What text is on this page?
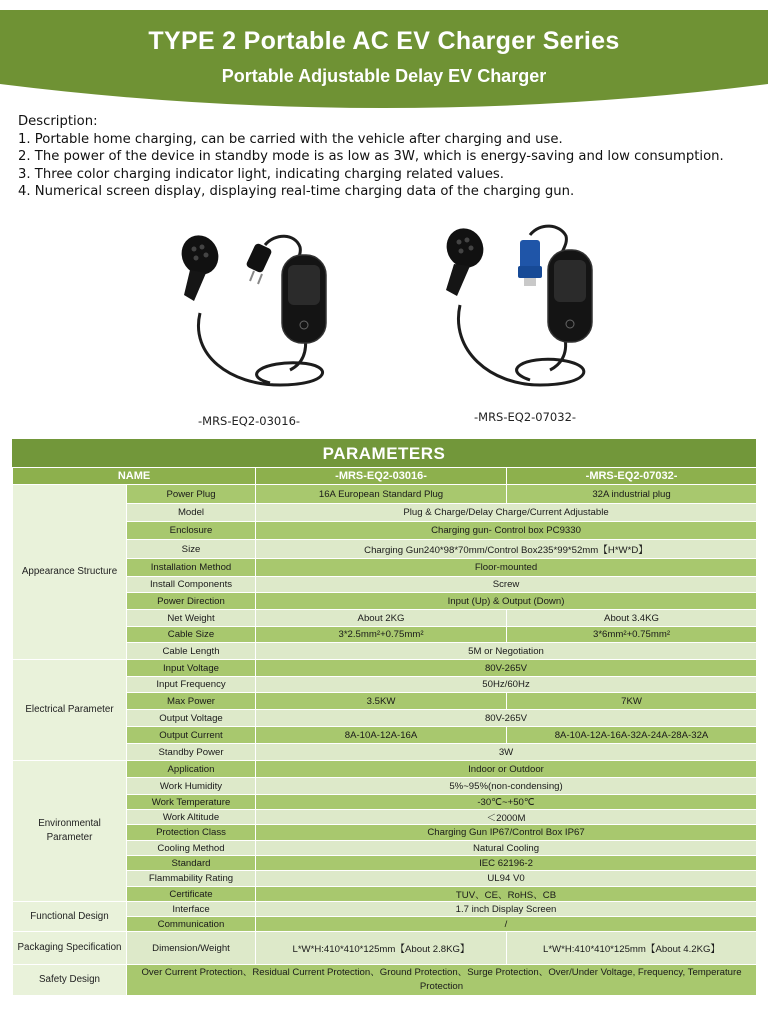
TYPE 2 Portable AC EV Charger Series
Portable Adjustable Delay EV Charger
Description:
1. Portable home charging, can be carried with the vehicle after charging and use.
2. The power of the device in standby mode is as low as 3W, which is energy-saving and low consumption.
3. Three color charging indicator light, indicating charging related values.
4. Numerical screen display, displaying real-time charging data of the charging gun.
-MRS-EQ2-03016-	-MRS-EQ2-07032-
PARAMETERS
NAME		-MRS-EQ2-03016-	-MRS-EQ2-07032-
Appearance Structure	Power Plug	16A European Standard Plug	32A industrial plug
	Model	Plug & Charge/Delay Charge/Current Adjustable	
	Enclosure	Charging gun- Control box PC9330	
	Size	Charging Gun240*98*70mm/Control Box235*99*52mm【H*W*D】	
	Installation Method	Floor-mounted	
	Install Components	Screw	
	Power Direction	Input (Up) & Output (Down)	
	Net Weight	About 2KG	About 3.4KG
	Cable Size	3*2.5mm²+0.75mm²	3*6mm²+0.75mm²
	Cable Length	5M or Negotiation	
Electrical Parameter	Input Voltage	80V-265V	
	Input Frequency	50Hz/60Hz	
	Max Power	3.5KW	7KW
	Output Voltage	80V-265V	
	Output Current	8A-10A-12A-16A	8A-10A-12A-16A-32A-24A-28A-32A
	Standby Power	3W	
Environmental Parameter	Application	Indoor or Outdoor	
	Work Humidity	5%~95%(non-condensing)	
	Work Temperature	-30℃~+50℃	
	Work Altitude	＜2000M	
	Protection Class	Charging Gun IP67/Control Box IP67	
	Cooling Method	Natural Cooling	
	Standard	IEC 62196-2	
	Flammability Rating	UL94 V0	
	Certificate	TUV、CE、RoHS、CB	
Functional Design	Interface	1.7 inch Display Screen	
	Communication	/	
Packaging Specification	Dimension/Weight	L*W*H:410*410*125mm【About 2.8KG】	L*W*H:410*410*125mm【About 4.2KG】
Safety Design	Over Current Protection、Residual Current Protection、Ground Protection、Surge Protection、Over/Under Voltage, Frequency, Temperature Protection		
